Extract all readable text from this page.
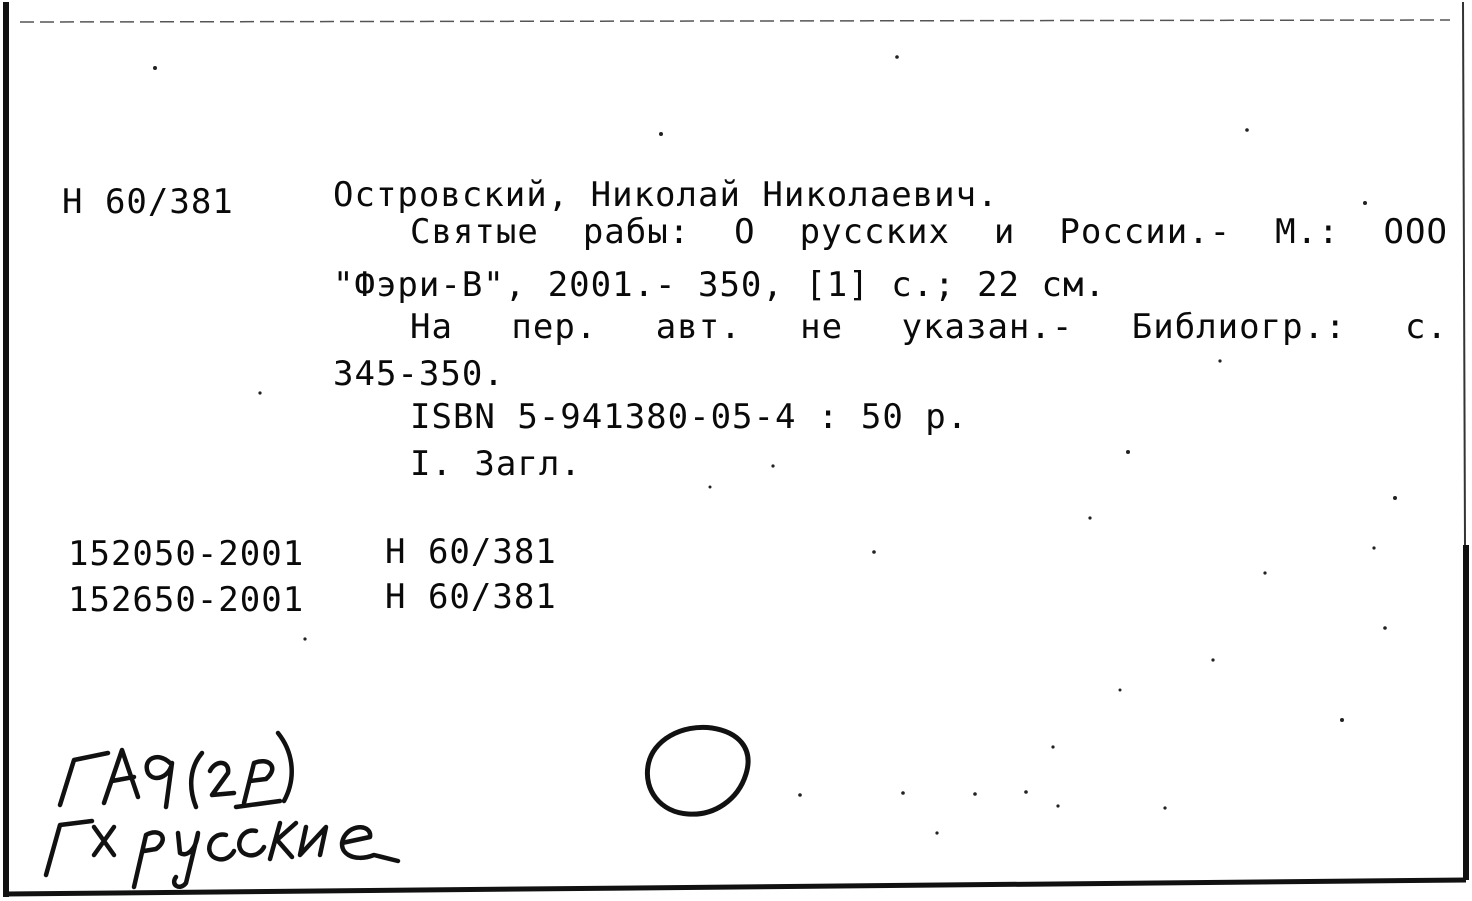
Н 60/381	Островский, Николай Николаевич.
Святые рабы: О русских и России.- М.: ООО
"Фэри-В", 2001.- 350, [1] с.; 22 см.
На пер. авт. не указан.- Библиогр.: с.
345-350.
ISBN 5-941380-05-4 : 50 р.
I. Загл.
152050-2001 Н 60/381
152650-2001 Н 60/381
